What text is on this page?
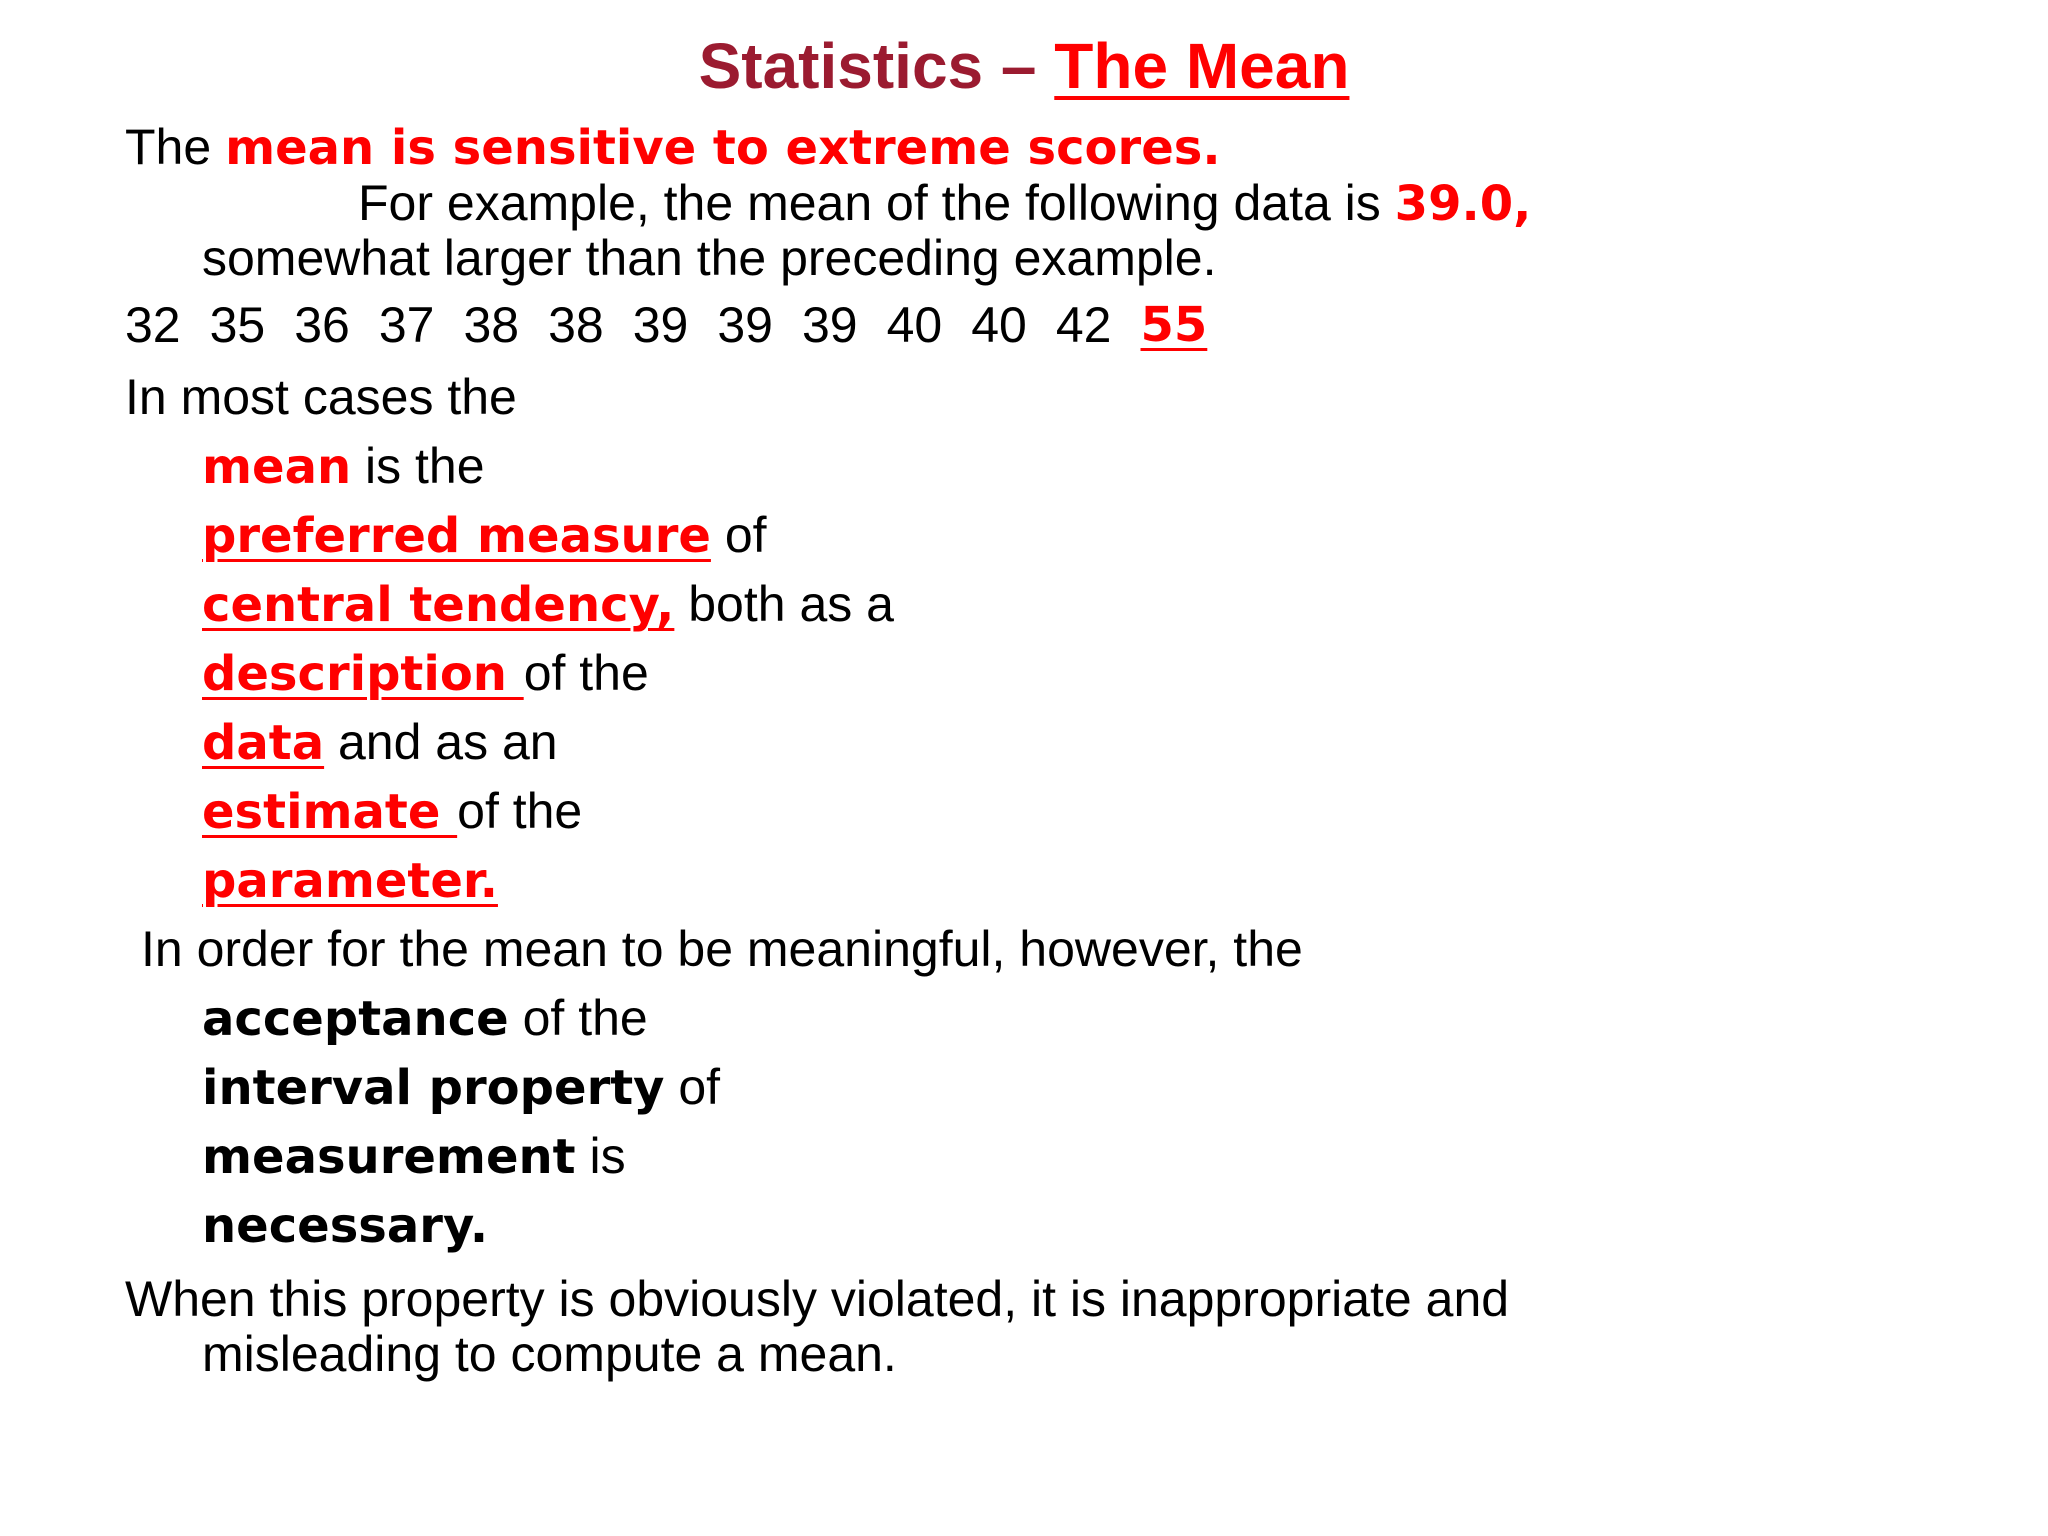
Statistics – The Mean
The mean is sensitive to extreme scores.
For example, the mean of the following data is 39.0,
somewhat larger than the preceding example.
32 35 36 37 38 38 39 39 39 40 40 42 55
In most cases the
mean is the
preferred measure of
central tendency, both as a
description of the
data and as an
estimate of the
parameter.
In order for the mean to be meaningful, however, the
acceptance of the
interval property of
measurement is
necessary.
When this property is obviously violated, it is inappropriate and
misleading to compute a mean.
